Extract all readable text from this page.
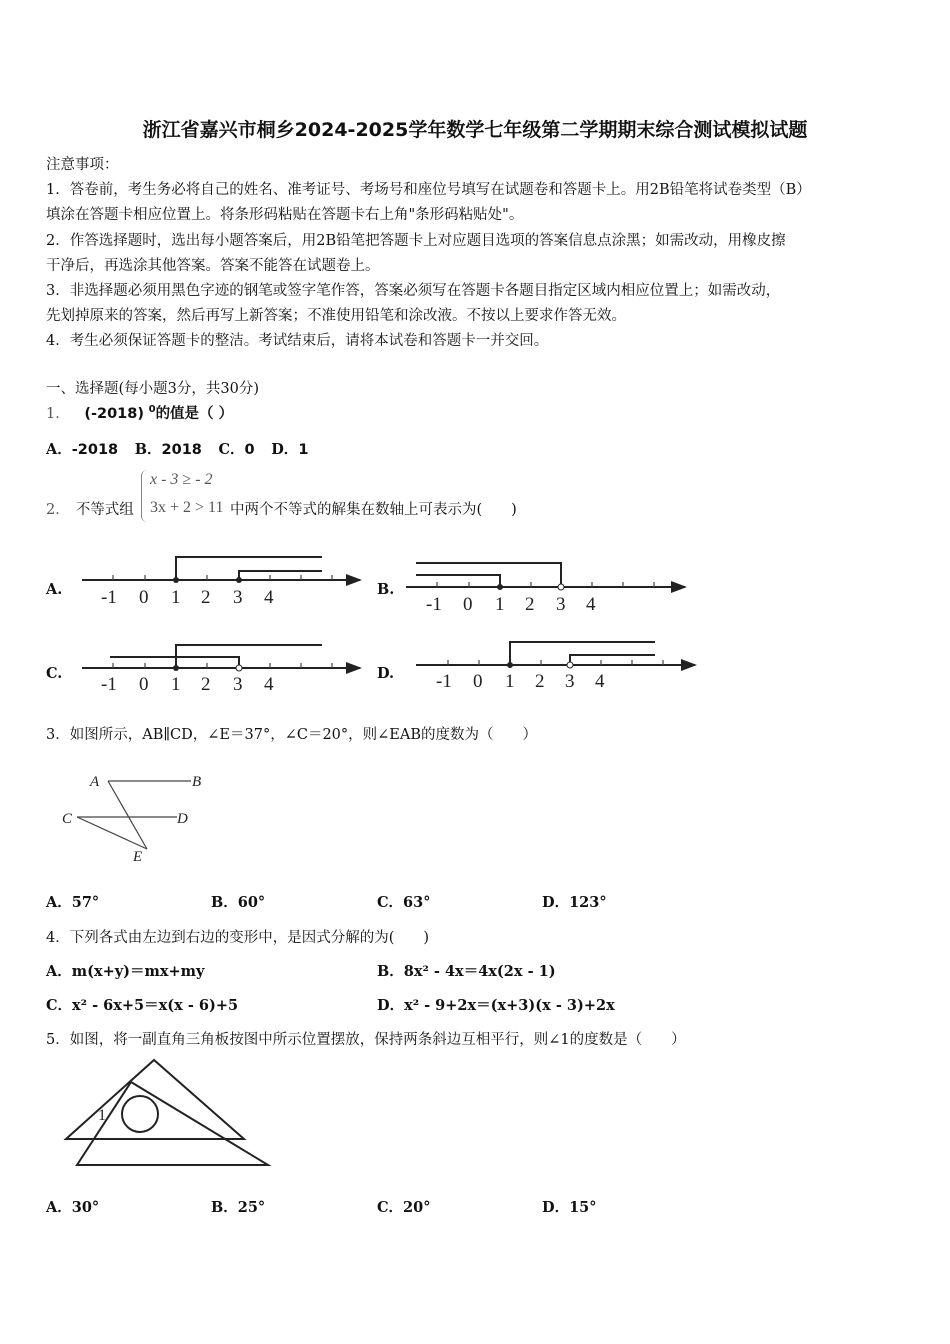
浙江省嘉兴市桐乡2024-2025学年数学七年级第二学期期末综合测试模拟试题
注意事项：
1．答卷前，考生务必将自己的姓名、准考证号、考场号和座位号填写在试题卷和答题卡上。用2B铅笔将试卷类型（B）
填涂在答题卡相应位置上。将条形码粘贴在答题卡右上角"条形码粘贴处"。
2．作答选择题时，选出每小题答案后，用2B铅笔把答题卡上对应题目选项的答案信息点涂黑；如需改动，用橡皮擦
干净后，再选涂其他答案。答案不能答在试题卷上。
3．非选择题必须用黑色字迹的钢笔或签字笔作答，答案必须写在答题卡各题目指定区域内相应位置上；如需改动，
先划掉原来的答案，然后再写上新答案；不准使用铅笔和涂改液。不按以上要求作答无效。
4．考生必须保证答题卡的整洁。考试结束后，请将本试卷和答题卡一并交回。
一、选择题(每小题3分，共30分)
1． (-2018) $^0$的值是（ ）
A．-2018 B．2018 C．0 D．1
2． 不等式组
x - 3 ≥ - 2
3x + 2 > 11 中两个不等式的解集在数轴上可表示为(　　)
A.	B.
C.	D.
-1 0 1 2 3 4	-1 0 1 2 3 4
-1 0 1 2 3 4	-1 0 1 2 3 4
A	B
C	D
E
1
3．如图所示，AB∥CD，∠E＝37°，∠C＝20°，则∠EAB的度数为（　　）
A．57°	B．60°	C．63°	D．123°
4．下列各式由左边到右边的变形中，是因式分解的为(　　)
A．m(x+y)＝mx+my	B．8x² - 4x＝4x(2x - 1)
C．x² - 6x+5＝x(x - 6)+5	D．x² - 9+2x＝(x+3)(x - 3)+2x
5．如图，将一副直角三角板按图中所示位置摆放，保持两条斜边互相平行，则∠1的度数是（　　）
A．30°	B．25°	C．20°	D．15°
